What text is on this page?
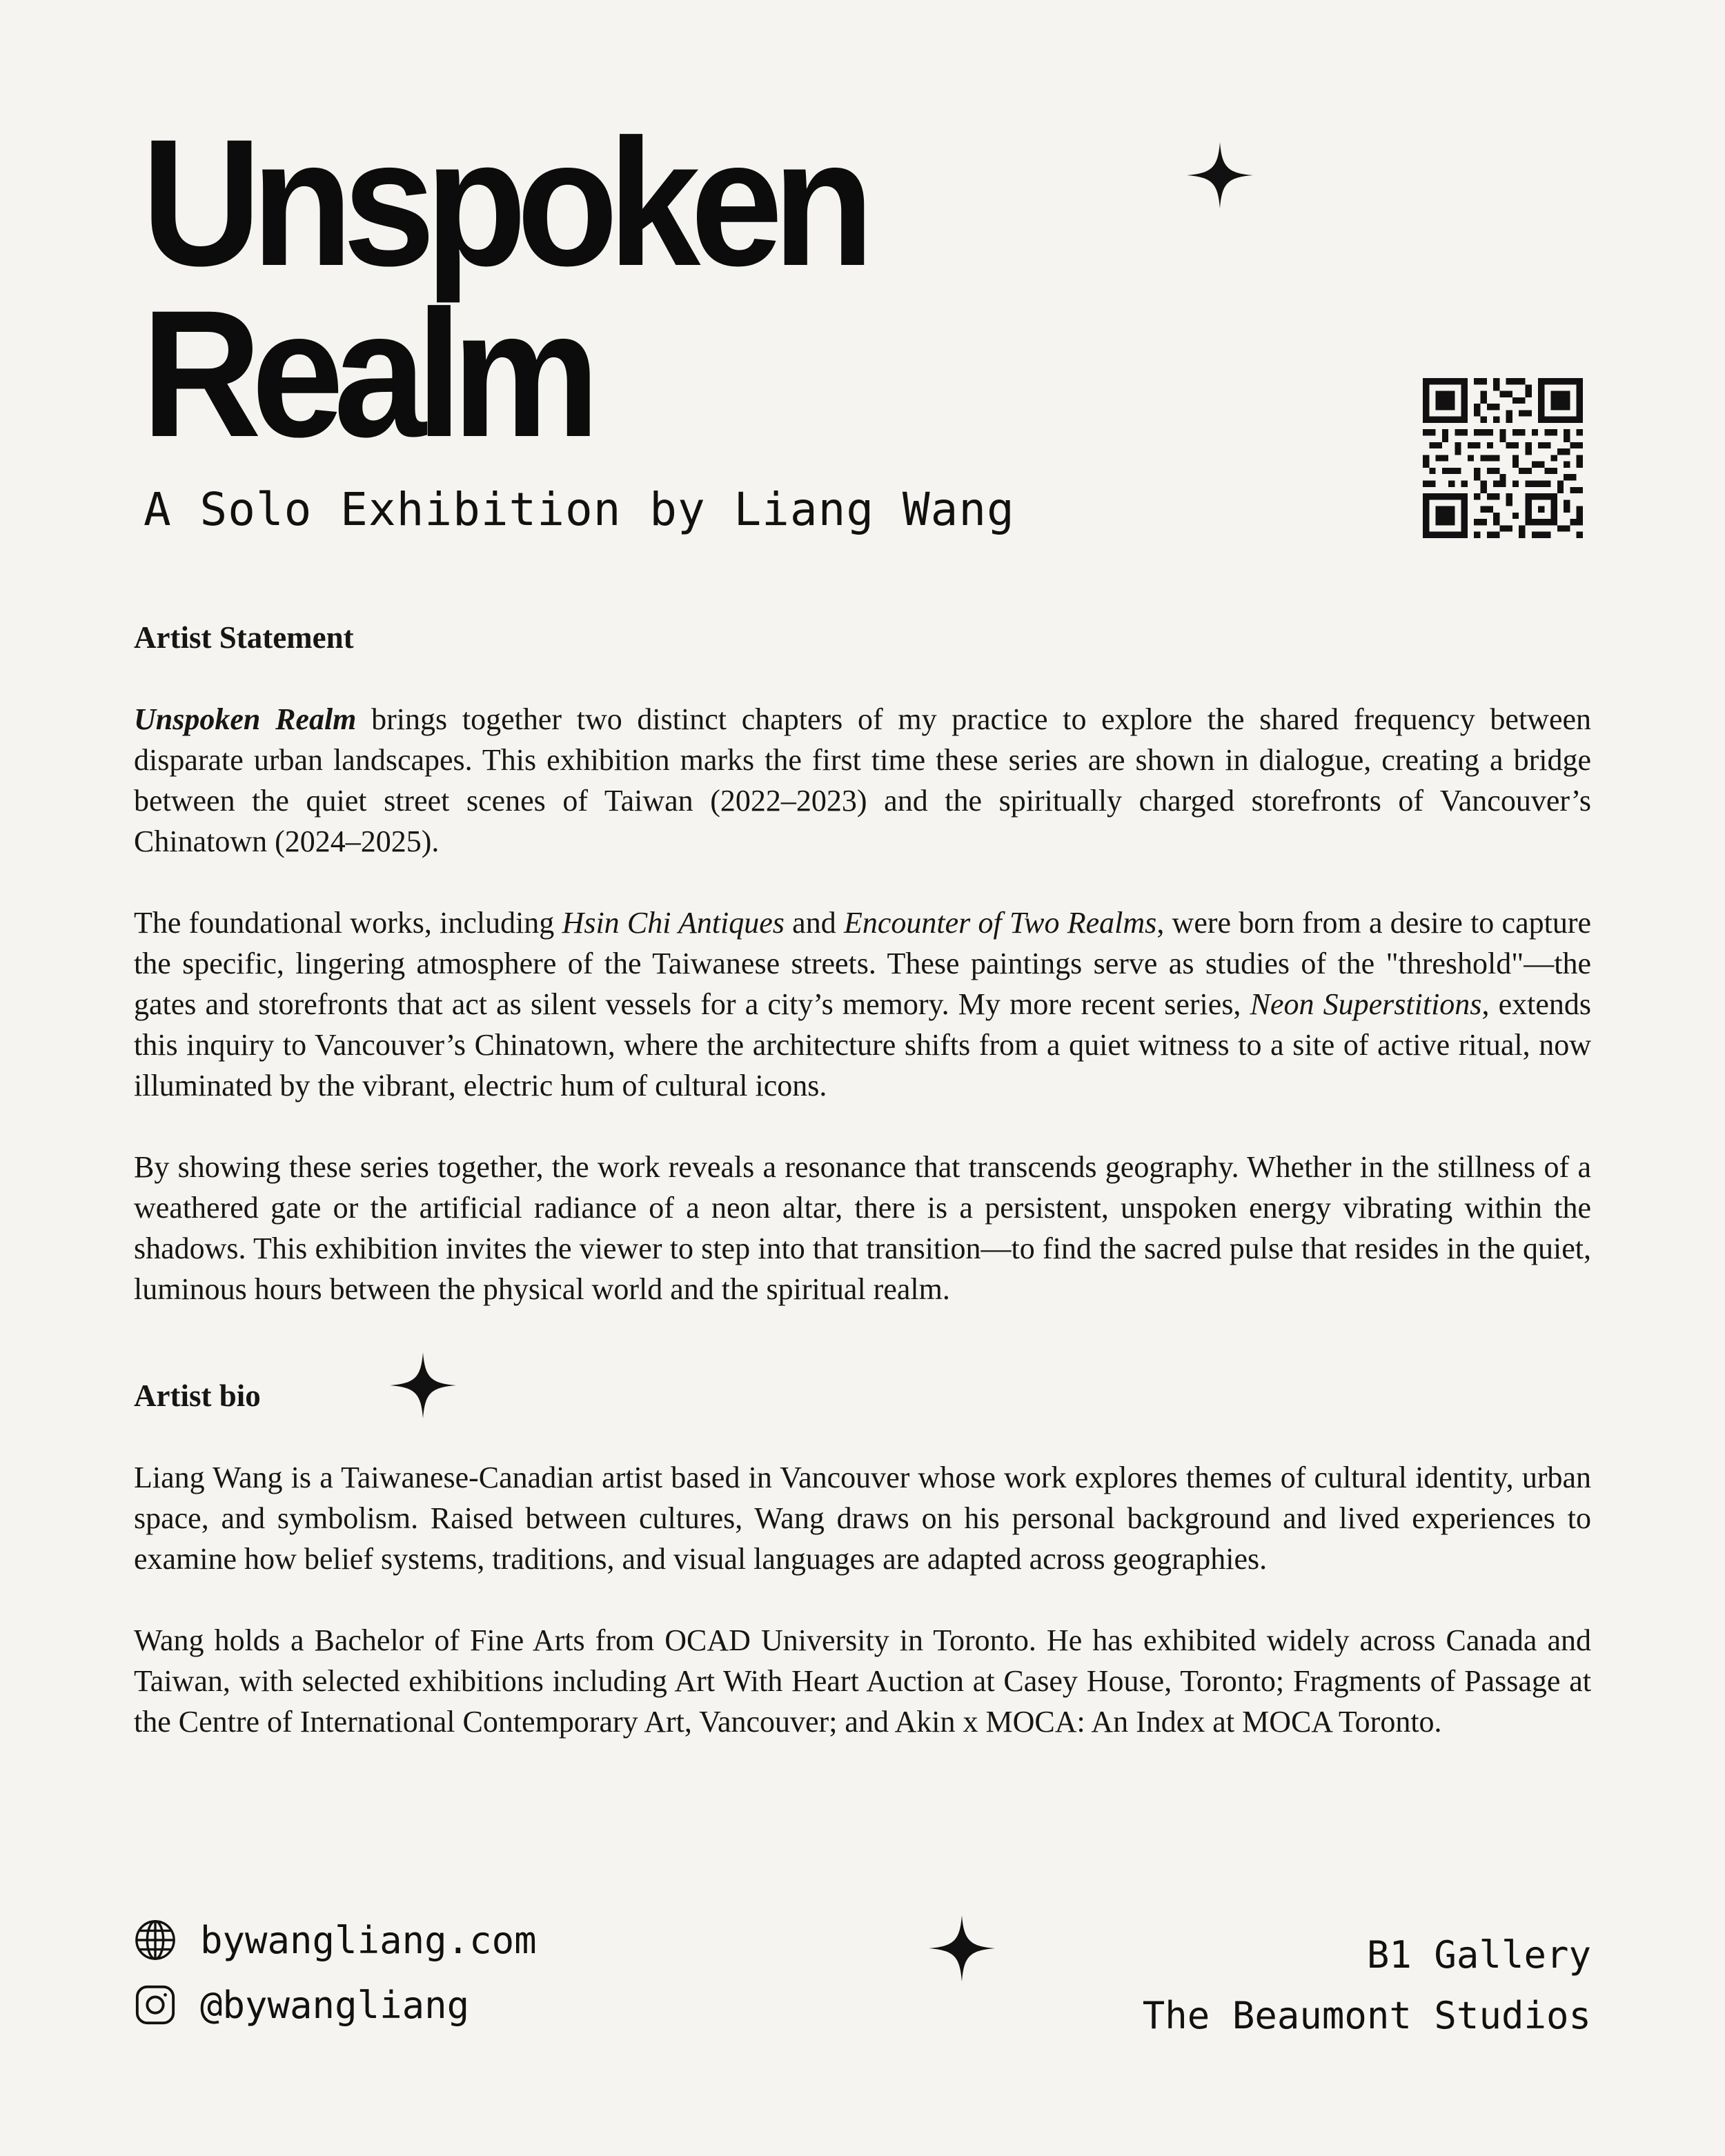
Unspoken
Realm
A Solo Exhibition by Liang Wang
Artist Statement

Unspoken Realm brings together two distinct chapters of my practice to explore the shared frequency between disparate urban landscapes. This exhibition marks the first time these series are shown in dialogue, creating a bridge between the quiet street scenes of Taiwan (2022–2023) and the spiritually charged storefronts of Vancouver’s Chinatown (2024–2025).

The foundational works, including Hsin Chi Antiques and Encounter of Two Realms, were born from a desire to capture the specific, lingering atmosphere of the Taiwanese streets. These paintings serve as studies of the "threshold"—the gates and storefronts that act as silent vessels for a city’s memory. My more recent series, Neon Superstitions, extends this inquiry to Vancouver’s Chinatown, where the architecture shifts from a quiet witness to a site of active ritual, now illuminated by the vibrant, electric hum of cultural icons.

By showing these series together, the work reveals a resonance that transcends geography. Whether in the stillness of a weathered gate or the artificial radiance of a neon altar, there is a persistent, unspoken energy vibrating within the shadows. This exhibition invites the viewer to step into that transition—to find the sacred pulse that resides in the quiet, luminous hours between the physical world and the spiritual realm.

Artist bio

Liang Wang is a Taiwanese-Canadian artist based in Vancouver whose work explores themes of cultural identity, urban space, and symbolism. Raised between cultures, Wang draws on his personal background and lived experiences to examine how belief systems, traditions, and visual languages are adapted across geographies.

Wang holds a Bachelor of Fine Arts from OCAD University in Toronto. He has exhibited widely across Canada and Taiwan, with selected exhibitions including Art With Heart Auction at Casey House, Toronto; Fragments of Passage at the Centre of International Contemporary Art, Vancouver; and Akin x MOCA: An Index at MOCA Toronto.

bywangliang.com
@bywangliang
B1 Gallery
The Beaumont Studios
